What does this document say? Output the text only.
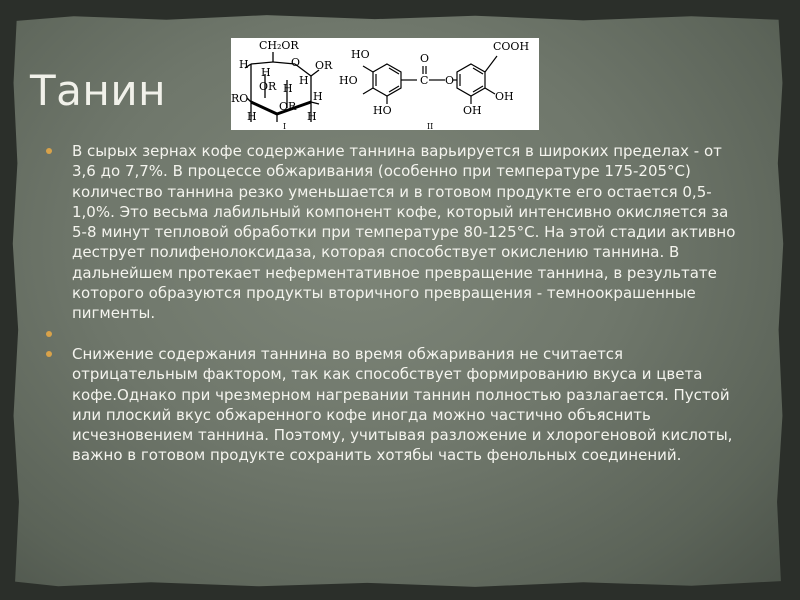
Танин
CH₂OR
O OR
H
H
H
OR H
RO	H
OR
H	H
I
HO
HO
HO
O
C O
COOH
OH
OH
II
В сырых зернах кофе содержание таннина варьируется в широких пределах - от 3,6 до 7,7%. В процессе обжаривания (особенно при температуре 175-205°С) количество таннина резко уменьшается и в готовом продукте его остается 0,5-1,0%. Это весьма лабильный компонент кофе, который интенсивно окисляется за 5-8 минут тепловой обработки при температуре 80-125°С. На этой стадии активно деструет полифенолоксидаза, которая способствует окислению таннина. В дальнейшем протекает неферментативное превращение таннина, в результате которого образуются продукты вторичного превращения - темноокрашенные пигменты.
Снижение содержания таннина во время обжаривания не считается отрицательным фактором, так как способствует формированию вкуса и цвета кофе.Однако при чрезмерном нагревании таннин полностью разлагается. Пустой или плоский вкус обжаренного кофе иногда можно частично объяснить исчезновением таннина. Поэтому, учитывая разложение и хлорогеновой кислоты, важно в готовом продукте сохранить хотябы часть фенольных соединений.
